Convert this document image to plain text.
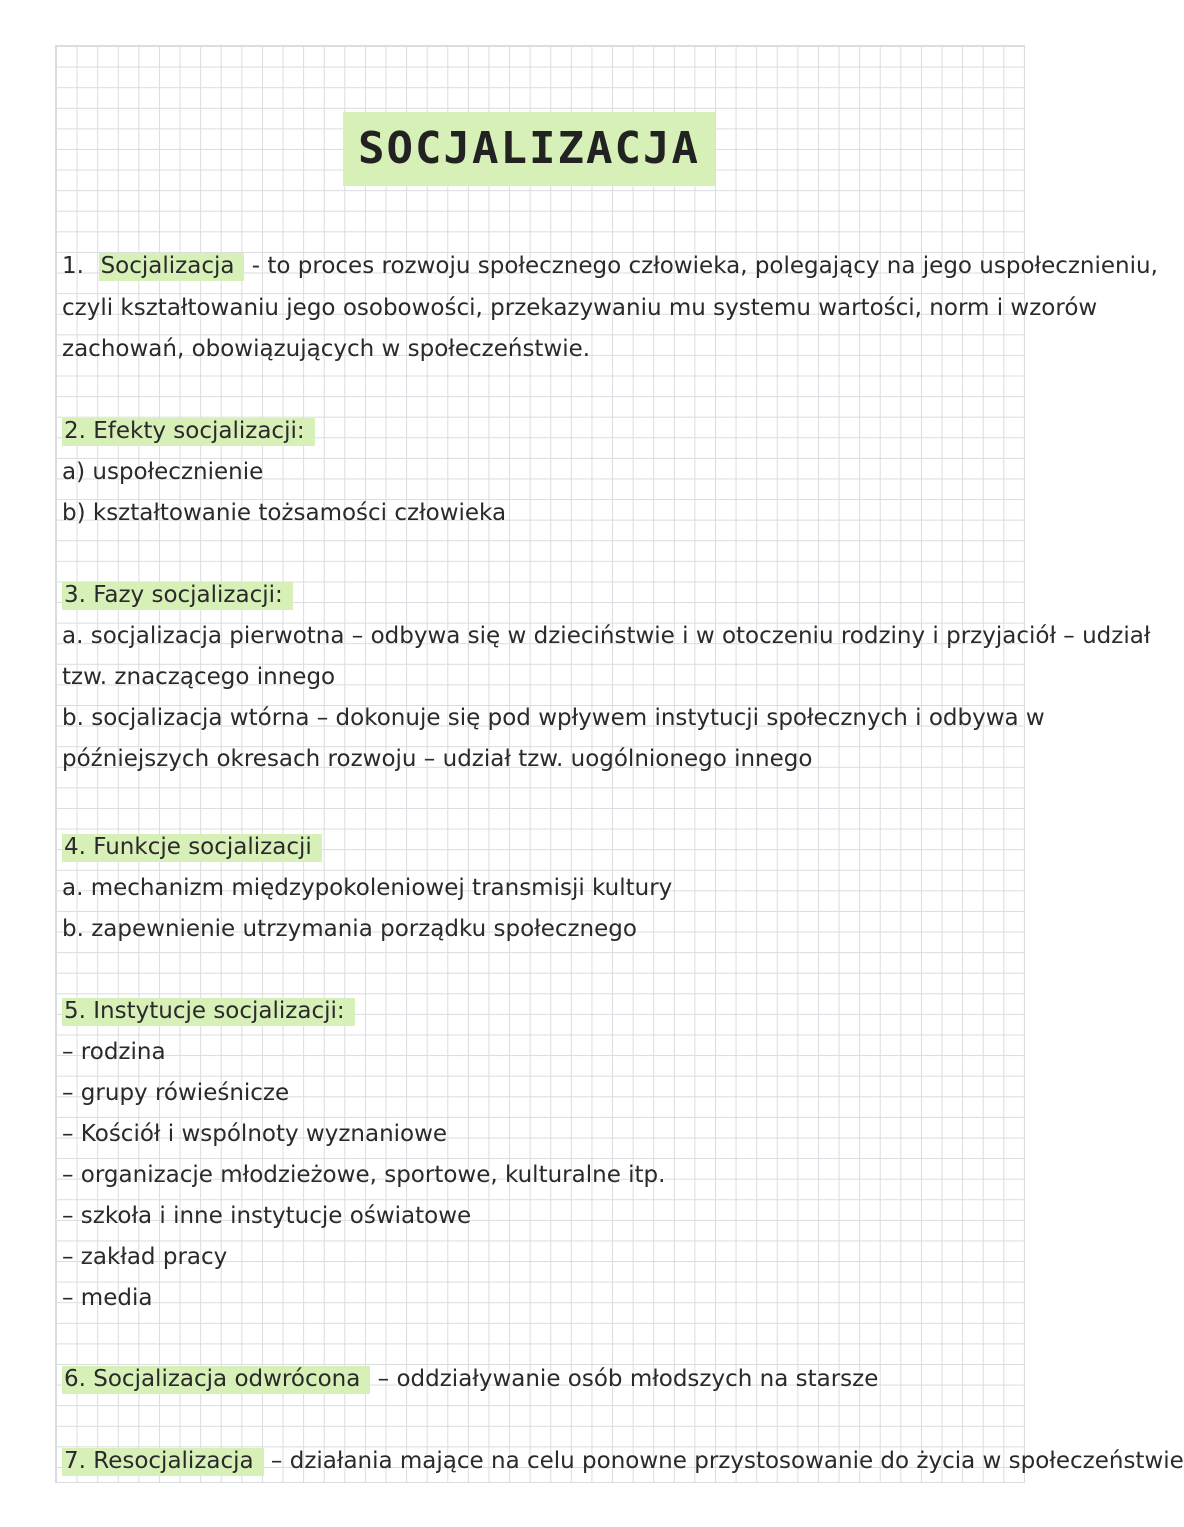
SOCJALIZACJA
1. Socjalizacja - to proces rozwoju społecznego człowieka, polegający na jego uspołecznieniu,
czyli kształtowaniu jego osobowości, przekazywaniu mu systemu wartości, norm i wzorów
zachowań, obowiązujących w społeczeństwie.
2. Efekty socjalizacji:
a) uspołecznienie
b) kształtowanie tożsamości człowieka
3. Fazy socjalizacji:
a. socjalizacja pierwotna – odbywa się w dzieciństwie i w otoczeniu rodziny i przyjaciół – udział
tzw. znaczącego innego
b. socjalizacja wtórna – dokonuje się pod wpływem instytucji społecznych i odbywa w
późniejszych okresach rozwoju – udział tzw. uogólnionego innego
4. Funkcje socjalizacji
a. mechanizm międzypokoleniowej transmisji kultury
b. zapewnienie utrzymania porządku społecznego
5. Instytucje socjalizacji:
– rodzina
– grupy rówieśnicze
– Kościół i wspólnoty wyznaniowe
– organizacje młodzieżowe, sportowe, kulturalne itp.
– szkoła i inne instytucje oświatowe
– zakład pracy
– media
6. Socjalizacja odwrócona – oddziaływanie osób młodszych na starsze
7. Resocjalizacja – działania mające na celu ponowne przystosowanie do życia w społeczeństwie
